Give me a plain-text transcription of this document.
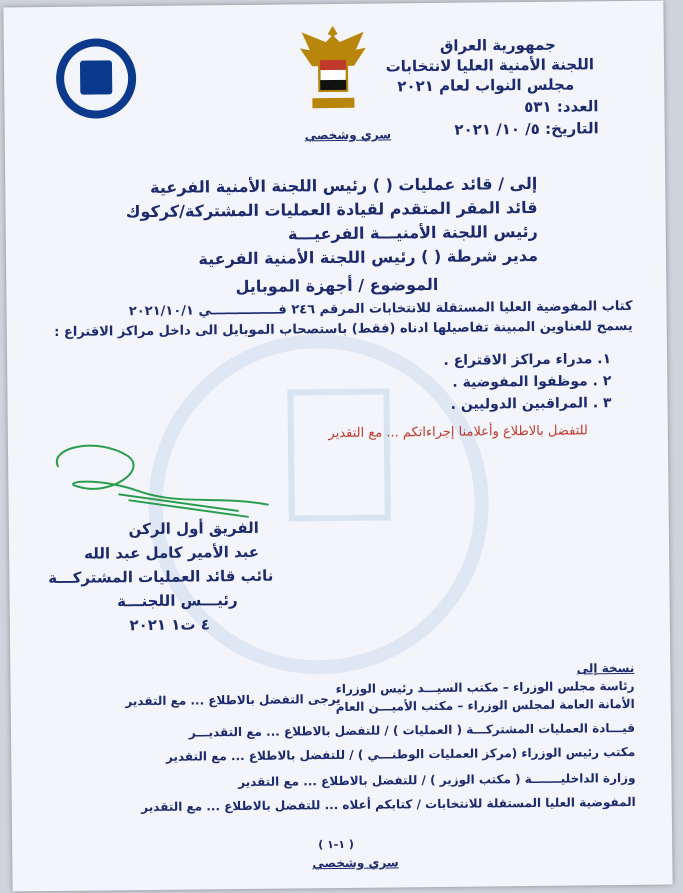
جمهورية العراق
اللجنة الأمنية العليا لانتخابات
مجلس النواب لعام ٢٠٢١
العدد: ٥٣١
التاريخ: ٥/ ١٠/ ٢٠٢١
سري وشخصي
إلى / قائد عمليات ( ) رئيس اللجنة الأمنية الفرعية
قائد المقر المتقدم لقيادة العمليات المشتركة/كركوك
رئيس اللجنة الأمنيـــة الفرعيـــة
مدير شرطة ( ) رئيس اللجنة الأمنية الفرعية
الموضوع / أجهزة الموبايل
كتاب المفوضية العليا المستقلة للانتخابات المرقم ٢٤٦ فـــــــــــــــي ٢٠٢١/١٠/١
يسمح للعناوين المبينة تفاصيلها ادناه (فقط) باستصحاب الموبايل الى داخل مراكز الاقتراع :
١. مدراء مراكز الاقتراع .
٢ . موظفوا المفوضية .
٣ . المراقبين الدوليين .
للتفضل بالاطلاع وأعلامنا إجراءاتكم ... مع التقدير
الفريق أول الركن
عبد الأمير كامل عبد الله
نائب قائد العمليات المشتركـــة
رئيـــس اللجنـــة
٤ ت١ ٢٠٢١
نسخة إلى
رئاسة مجلس الوزراء – مكتب السيـــد رئيس الوزراء
يرجى التفضل بالاطلاع ... مع التقدير
الأمانة العامة لمجلس الوزراء – مكتب الأميـــن العام
قيـــادة العمليات المشتركـــة ( العمليات ) / للتفضل بالاطلاع ... مع التقديـــر
مكتب رئيس الوزراء (مركز العمليات الوطنـــي ) / للتفضل بالاطلاع ... مع التقدير
وزارة الداخليـــــــة ( مكتب الوزير ) / للتفضل بالاطلاع ... مع التقدير
المفوضية العليا المستقلة للانتخابات / كتابكم أعلاه ... للتفضل بالاطلاع ... مع التقدير
( ١-١ )
سري وشخصي
